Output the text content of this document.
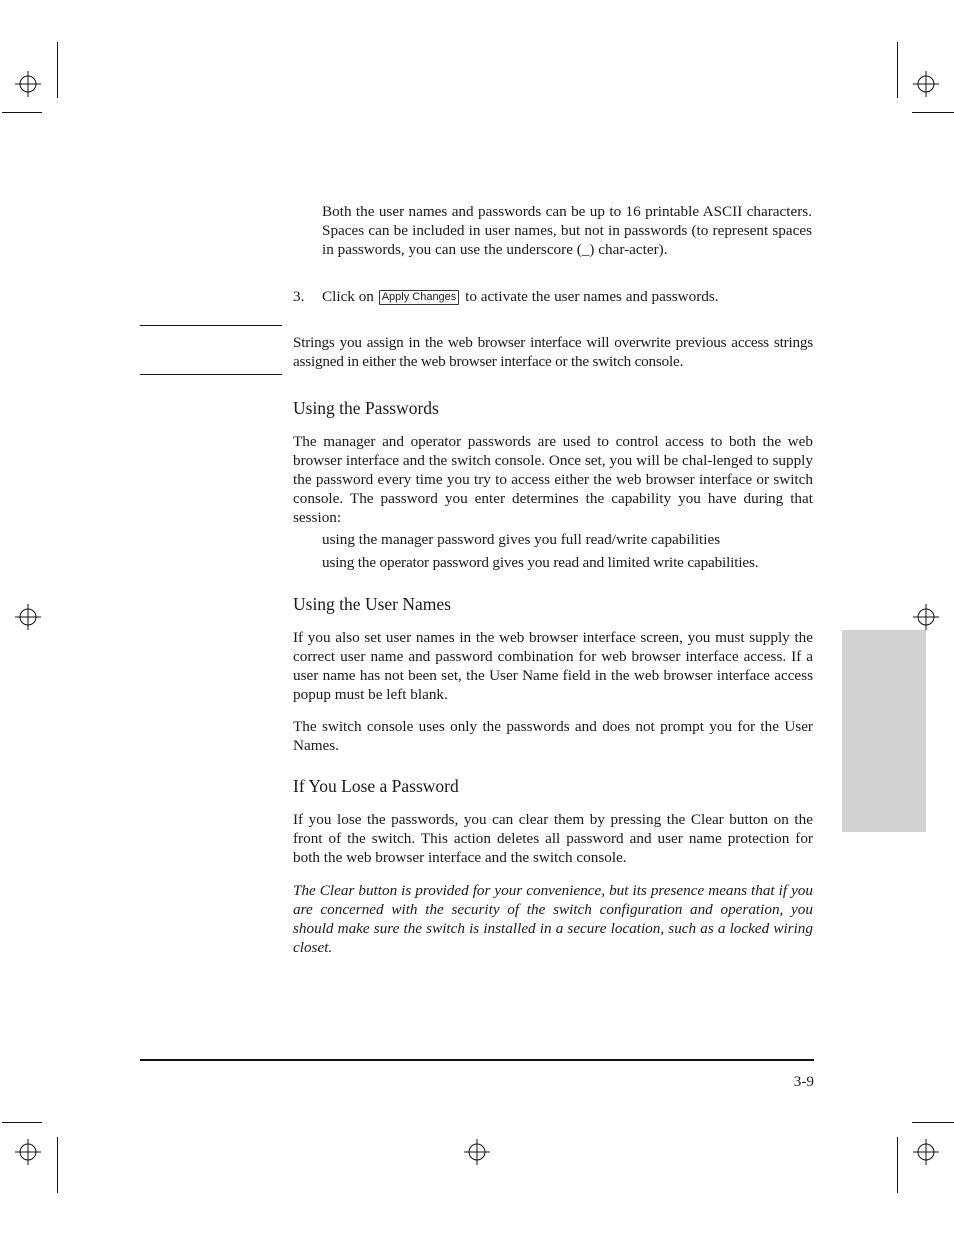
Both the user names and passwords can be up to 16 printable ASCII characters. Spaces can be included in user names, but not in passwords (to represent spaces in passwords, you can use the underscore (_) char-acter).
3. Click on Apply Changes to activate the user names and passwords.
Strings you assign in the web browser interface will overwrite previous access strings assigned in either the web browser interface or the switch console.
Using the Passwords
The manager and operator passwords are used to control access to both the web browser interface and the switch console. Once set, you will be chal-lenged to supply the password every time you try to access either the web browser interface or switch console. The password you enter determines the capability you have during that session:
using the manager password gives you full read/write capabilities
using the operator password gives you read and limited write capabilities.
Using the User Names
If you also set user names in the web browser interface screen, you must supply the correct user name and password combination for web browser interface access. If a user name has not been set, the User Name field in the web browser interface access popup must be left blank.
The switch console uses only the passwords and does not prompt you for the User Names.
If You Lose a Password
If you lose the passwords, you can clear them by pressing the Clear button on the front of the switch. This action deletes all password and user name protection for both the web browser interface and the switch console.
The Clear button is provided for your convenience, but its presence means that if you are concerned with the security of the switch configuration and operation, you should make sure the switch is installed in a secure location, such as a locked wiring closet.
3-9
